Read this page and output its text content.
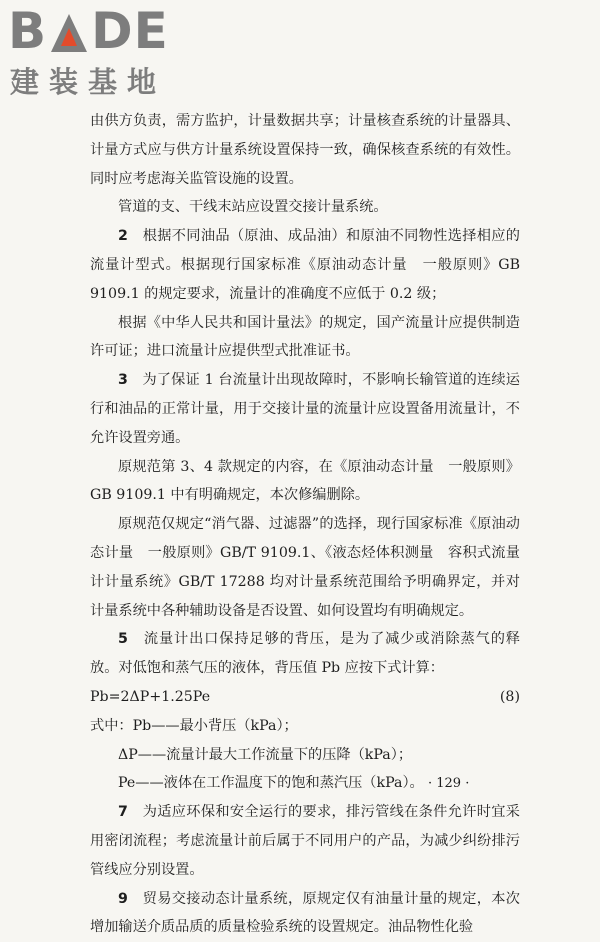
B DE
建装基地

由供方负责，需方监护，计量数据共享；计量核查系统的计量器具、计量方式应与供方计量系统设置保持一致，确保核查系统的有效性。同时应考虑海关监管设施的设置。

管道的支、干线末站应设置交接计量系统。

2　 根据不同油品（原油、成品油）和原油不同物性选择相应的流量计型式。根据现行国家标准《原油动态计量　一般原则》GB 9109.1 的规定要求，流量计的准确度不应低于 0.2 级；

根据《中华人民共和国计量法》的规定，国产流量计应提供制造许可证；进口流量计应提供型式批准证书。

3　 为了保证 1 台流量计出现故障时，不影响长输管道的连续运行和油品的正常计量，用于交接计量的流量计应设置备用流量计，不允许设置旁通。

原规范第 3、4 款规定的内容，在《原油动态计量　一般原则》GB 9109.1 中有明确规定，本次修编删除。

原规范仅规定“消气器、过滤器”的选择，现行国家标准《原油动态计量　一般原则》GB/T 9109.1、《液态烃体积测量　容积式流量计计量系统》GB/T 17288 均对计量系统范围给予明确界定，并对计量系统中各种辅助设备是否设置、如何设置均有明确规定。

5　 流量计出口保持足够的背压，是为了减少或消除蒸气的释放。对低饱和蒸气压的液体，背压值 Pb 应按下式计算：

Pb=2ΔP+1.25Pe	(8)

式中：Pb——最小背压（kPa）；

ΔP——流量计最大工作流量下的压降（kPa）；

Pe——液体在工作温度下的饱和蒸汽压（kPa）。

7　 为适应环保和安全运行的要求，排污管线在条件允许时宜采用密闭流程；考虑流量计前后属于不同用户的产品，为减少纠纷排污管线应分别设置。

9　 贸易交接动态计量系统，原规定仅有油量计量的规定，本次增加输送介质品质的质量检验系统的设置规定。油品物性化验

· 129 ·
